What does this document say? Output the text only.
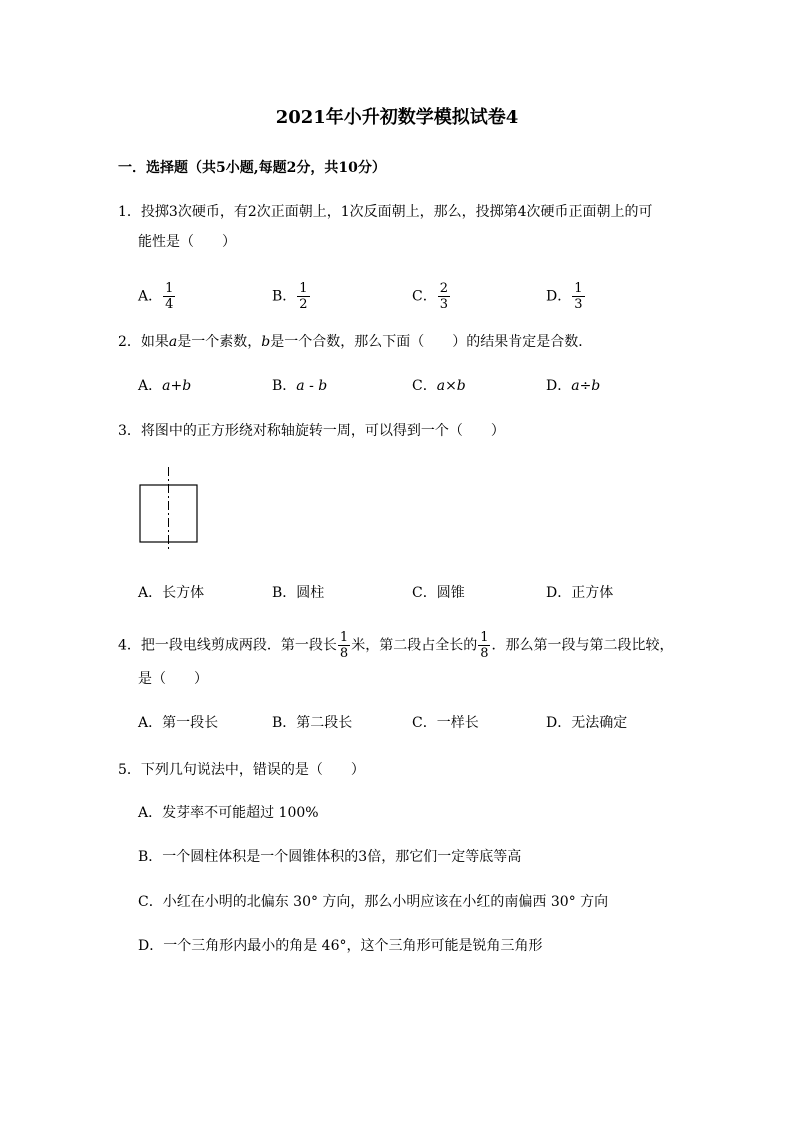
2021年小升初数学模拟试卷4
一．选择题（共5小题,每题2分，共10分）
1．投掷3次硬币，有2次正面朝上，1次反面朝上，那么，投掷第4次硬币正面朝上的可
能性是（　　）
A． $\frac{1}{4}$	B． $\frac{1}{2}$	C． $\frac{2}{3}$	D． $\frac{1}{3}$
2．如果a是一个素数，b是一个合数，那么下面（　　）的结果肯定是合数．
A．a+b	B．a - b	C．a×b	D．a÷b
3．将图中的正方形绕对称轴旋转一周，可以得到一个（　　）
A．长方体	B．圆柱	C．圆锥	D．正方体
4．把一段电线剪成两段．第一段长 $\frac{1}{8}$ 米，第二段占全长的 $\frac{1}{8}$ ．那么第一段与第二段比较，
是（　　）
A．第一段长	B．第二段长	C．一样长	D．无法确定
5．下列几句说法中，错误的是（　　）
A．发芽率不可能超过 100%
B．一个圆柱体积是一个圆锥体积的3倍，那它们一定等底等高
C．小红在小明的北偏东 30° 方向，那么小明应该在小红的南偏西 30° 方向
D．一个三角形内最小的角是 46°，这个三角形可能是锐角三角形
